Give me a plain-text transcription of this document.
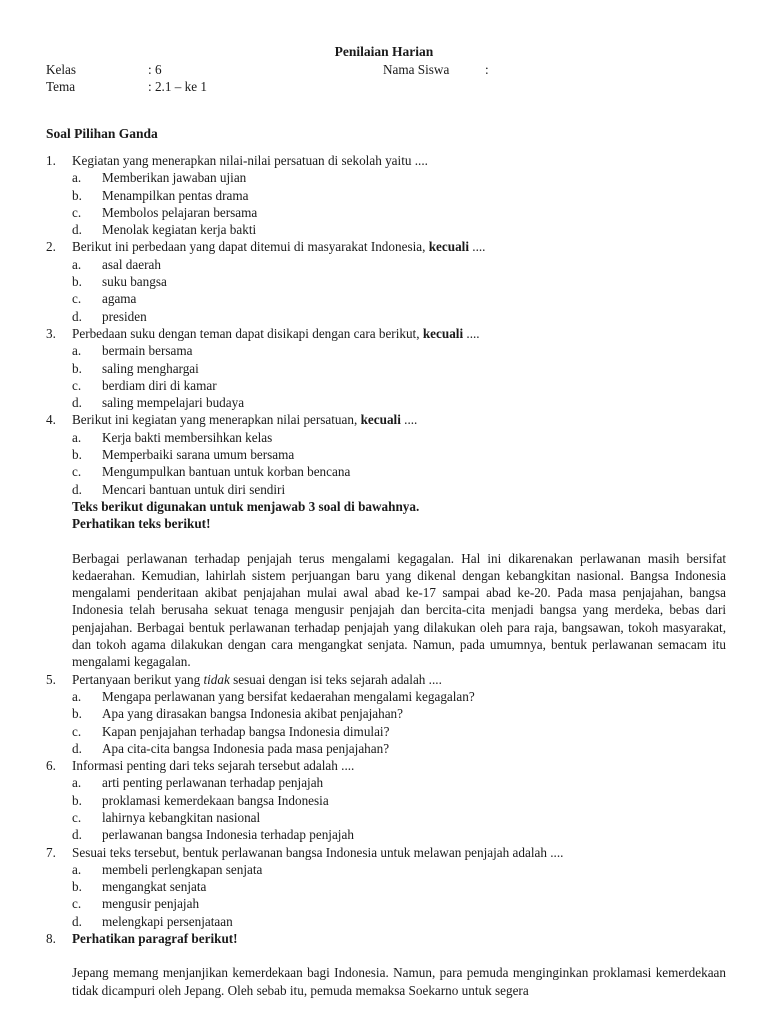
Penilaian Harian
Kelas	: 6	Nama Siswa	:
Tema	: 2.1 – ke 1
Soal Pilihan Ganda
1. Kegiatan yang menerapkan nilai-nilai persatuan di sekolah yaitu ....
a. Memberikan jawaban ujian
b. Menampilkan pentas drama
c. Membolos pelajaran bersama
d. Menolak kegiatan kerja bakti
2. Berikut ini perbedaan yang dapat ditemui di masyarakat Indonesia, kecuali ....
a. asal daerah
b. suku bangsa
c. agama
d. presiden
3. Perbedaan suku dengan teman dapat disikapi dengan cara berikut, kecuali ....
a. bermain bersama
b. saling menghargai
c. berdiam diri di kamar
d. saling mempelajari budaya
4. Berikut ini kegiatan yang menerapkan nilai persatuan, kecuali ....
a. Kerja bakti membersihkan kelas
b. Memperbaiki sarana umum bersama
c. Mengumpulkan bantuan untuk korban bencana
d. Mencari bantuan untuk diri sendiri
Teks berikut digunakan untuk menjawab 3 soal di bawahnya.
Perhatikan teks berikut!
Berbagai perlawanan terhadap penjajah terus mengalami kegagalan. Hal ini dikarenakan perlawanan masih bersifat kedaerahan. Kemudian, lahirlah sistem perjuangan baru yang dikenal dengan kebangkitan nasional. Bangsa Indonesia mengalami penderitaan akibat penjajahan mulai awal abad ke-17 sampai abad ke-20. Pada masa penjajahan, bangsa Indonesia telah berusaha sekuat tenaga mengusir penjajah dan bercita-cita menjadi bangsa yang merdeka, bebas dari penjajahan. Berbagai bentuk perlawanan terhadap penjajah yang dilakukan oleh para raja, bangsawan, tokoh masyarakat, dan tokoh agama dilakukan dengan cara mengangkat senjata. Namun, pada umumnya, bentuk perlawanan semacam itu mengalami kegagalan.
5. Pertanyaan berikut yang tidak sesuai dengan isi teks sejarah adalah ....
a. Mengapa perlawanan yang bersifat kedaerahan mengalami kegagalan?
b. Apa yang dirasakan bangsa Indonesia akibat penjajahan?
c. Kapan penjajahan terhadap bangsa Indonesia dimulai?
d. Apa cita-cita bangsa Indonesia pada masa penjajahan?
6. Informasi penting dari teks sejarah tersebut adalah ....
a. arti penting perlawanan terhadap penjajah
b. proklamasi kemerdekaan bangsa Indonesia
c. lahirnya kebangkitan nasional
d. perlawanan bangsa Indonesia terhadap penjajah
7. Sesuai teks tersebut, bentuk perlawanan bangsa Indonesia untuk melawan penjajah adalah ....
a. membeli perlengkapan senjata
b. mengangkat senjata
c. mengusir penjajah
d. melengkapi persenjataan
8. Perhatikan paragraf berikut!
Jepang memang menjanjikan kemerdekaan bagi Indonesia. Namun, para pemuda menginginkan proklamasi kemerdekaan tidak dicampuri oleh Jepang. Oleh sebab itu, pemuda memaksa Soekarno untuk segera
